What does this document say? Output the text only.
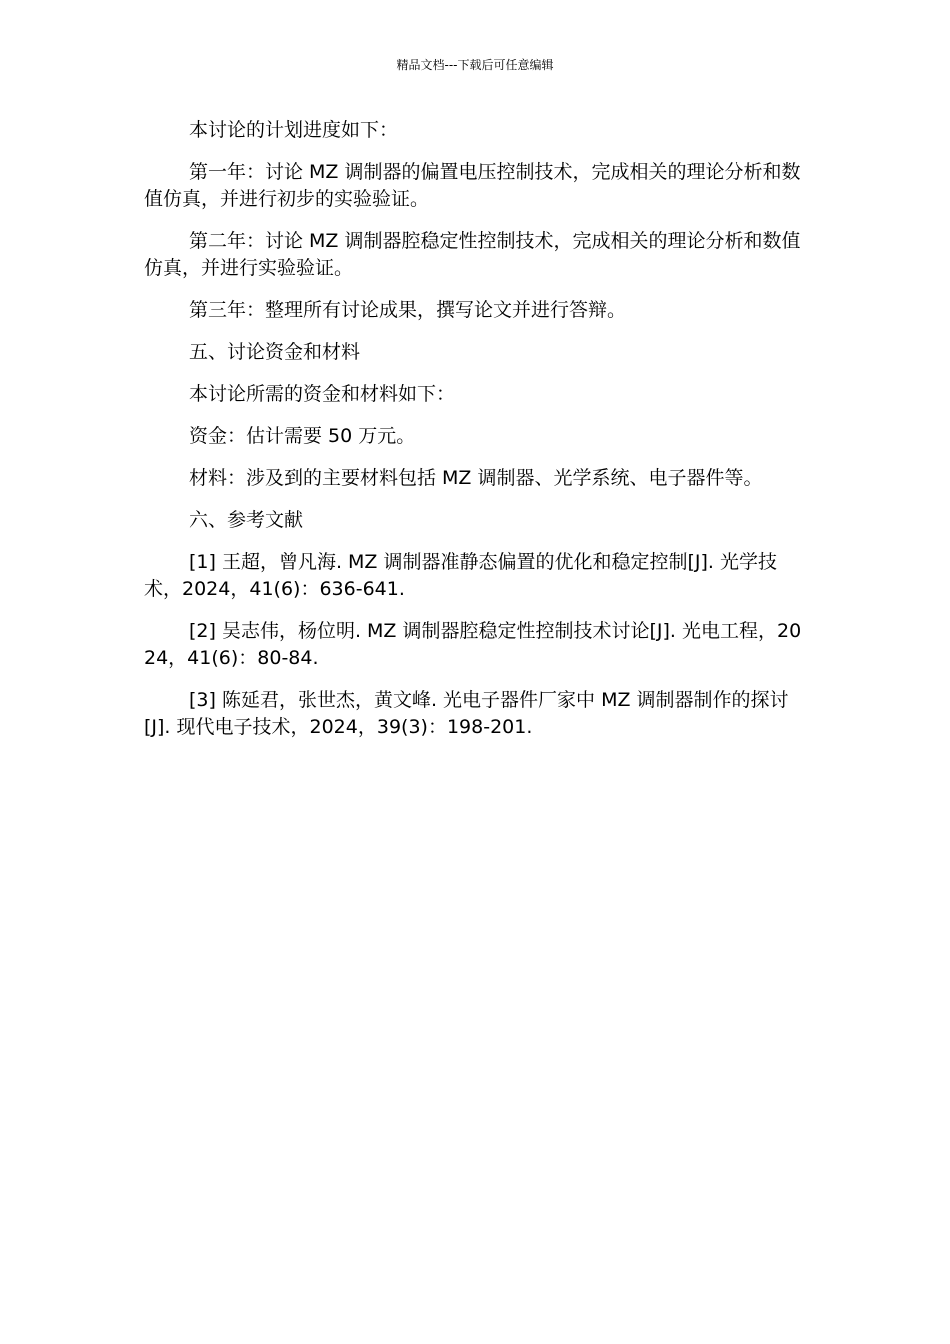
精品文档---下载后可任意编辑

本讨论的计划进度如下：

第一年：讨论 MZ 调制器的偏置电压控制技术，完成相关的理论分析和数值仿真，并进行初步的实验验证。

第二年：讨论 MZ 调制器腔稳定性控制技术，完成相关的理论分析和数值仿真，并进行实验验证。

第三年：整理所有讨论成果，撰写论文并进行答辩。

五、讨论资金和材料

本讨论所需的资金和材料如下：

资金：估计需要 50 万元。

材料：涉及到的主要材料包括 MZ 调制器、光学系统、电子器件等。

六、参考文献

[1] 王超，曾凡海. MZ 调制器准静态偏置的优化和稳定控制[J]. 光学技术，2024，41(6)：636-641.

[2] 吴志伟，杨位明. MZ 调制器腔稳定性控制技术讨论[J]. 光电工程，2024，41(6)：80-84.

[3] 陈延君，张世杰，黄文峰. 光电子器件厂家中 MZ 调制器制作的探讨[J]. 现代电子技术，2024，39(3)：198-201.
